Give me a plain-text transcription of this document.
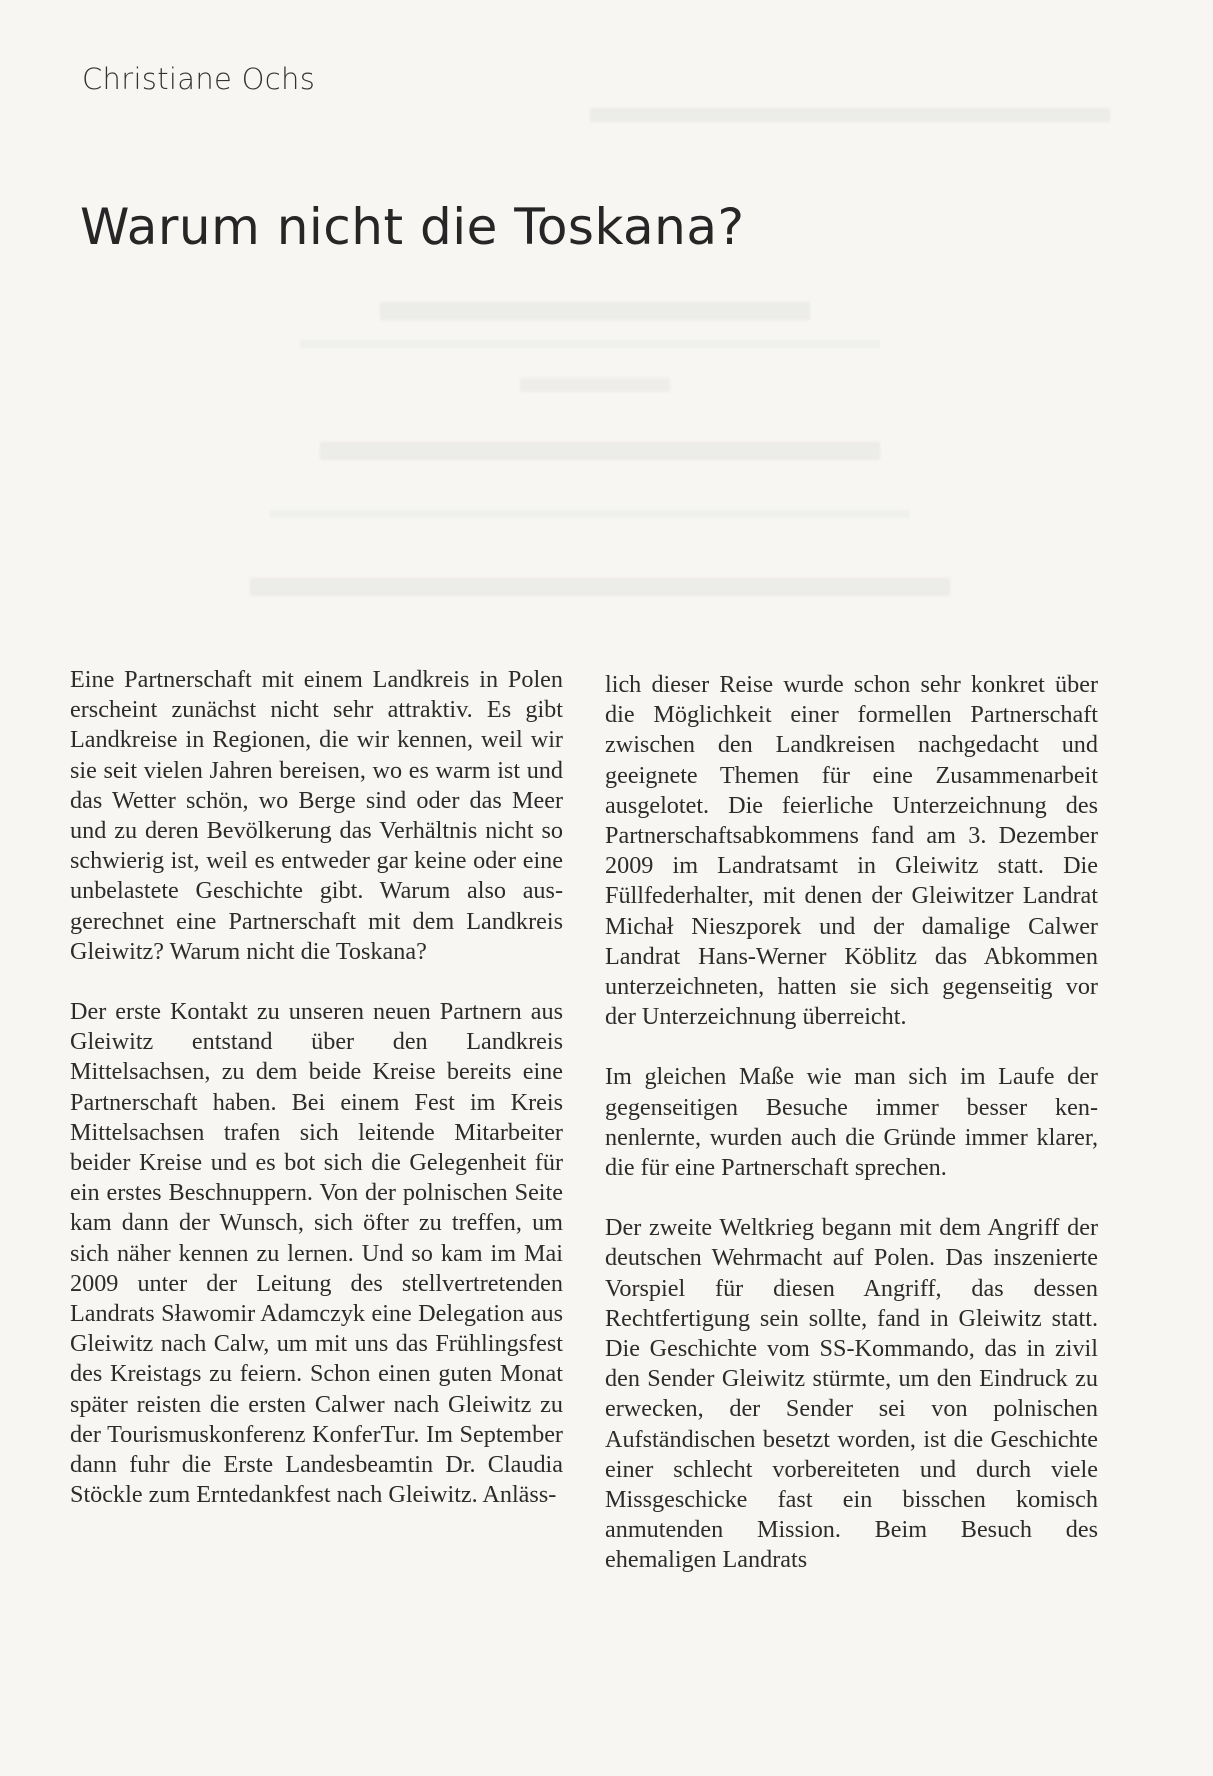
Christiane Ochs
Warum nicht die Toskana?

Eine Partnerschaft mit einem Landkreis in Polen erscheint zunächst nicht sehr attraktiv. Es gibt Landkreise in Regionen, die wir kennen, weil wir sie seit vielen Jahren bereisen, wo es warm ist und das Wetter schön, wo Berge sind oder das Meer und zu deren Bevölkerung das Verhältnis nicht so schwierig ist, weil es entweder gar keine oder eine unbelastete Geschichte gibt. Warum also ausgerechnet eine Partnerschaft mit dem Landkreis Gleiwitz? Warum nicht die Toskana?

Der erste Kontakt zu unseren neuen Partnern aus Gleiwitz entstand über den Landkreis Mittelsachsen, zu dem beide Kreise bereits eine Partnerschaft haben. Bei einem Fest im Kreis Mittelsachsen trafen sich leitende Mitarbeiter beider Kreise und es bot sich die Gelegenheit für ein erstes Beschnuppern. Von der polnischen Seite kam dann der Wunsch, sich öfter zu treffen, um sich näher kennen zu lernen. Und so kam im Mai 2009 unter der Leitung des stellvertretenden Landrats Sławomir Adamczyk eine Delegation aus Gleiwitz nach Calw, um mit uns das Frühlingsfest des Kreistags zu feiern. Schon einen guten Monat später reisten die ersten Calwer nach Gleiwitz zu der Tourismuskonferenz KonferTur. Im September dann fuhr die Erste Landesbeamtin Dr. Claudia Stöckle zum Erntedankfest nach Gleiwitz. Anläss-

lich dieser Reise wurde schon sehr konkret über die Möglichkeit einer formellen Partnerschaft zwischen den Landkreisen nachgedacht und geeignete Themen für eine Zusammenarbeit ausgelotet. Die feierliche Unterzeichnung des Partnerschaftsabkommens fand am 3. Dezember 2009 im Landratsamt in Gleiwitz statt. Die Füllfederhalter, mit denen der Gleiwitzer Landrat Michał Nieszporek und der damalige Calwer Landrat Hans-Werner Köblitz das Abkommen unterzeichneten, hatten sie sich gegenseitig vor der Unterzeichnung überreicht.

Im gleichen Maße wie man sich im Laufe der gegenseitigen Besuche immer besser kennenlernte, wurden auch die Gründe immer klarer, die für eine Partnerschaft sprechen.

Der zweite Weltkrieg begann mit dem Angriff der deutschen Wehrmacht auf Polen. Das inszenierte Vorspiel für diesen Angriff, das dessen Rechtfertigung sein sollte, fand in Gleiwitz statt. Die Geschichte vom SS-Kommando, das in zivil den Sender Gleiwitz stürmte, um den Eindruck zu erwecken, der Sender sei von polnischen Aufständischen besetzt worden, ist die Geschichte einer schlecht vorbereiteten und durch viele Missgeschicke fast ein bisschen komisch anmutenden Mission. Beim Besuch des ehemaligen Landrats
